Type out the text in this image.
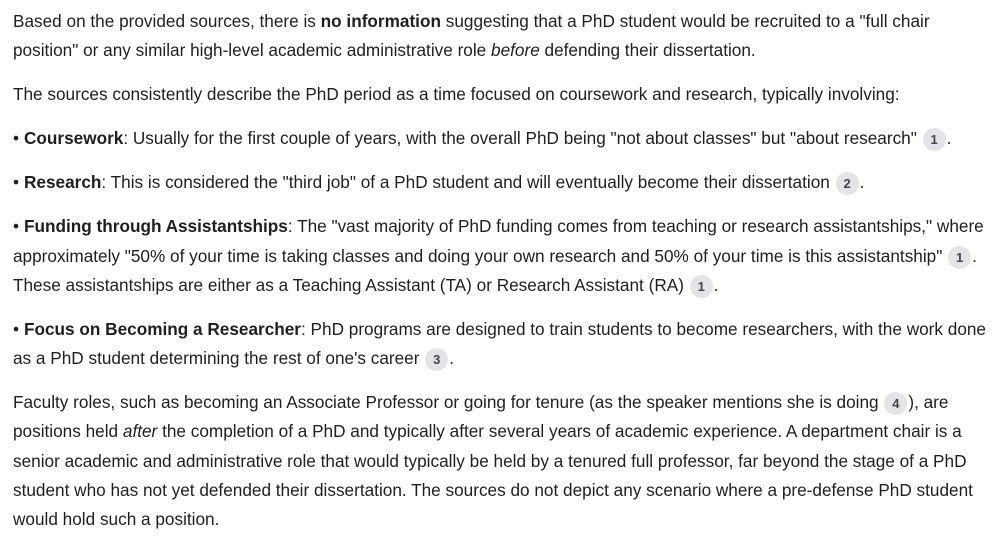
Based on the provided sources, there is no information suggesting that a PhD student would be recruited to a "full chair position" or any similar high-level academic administrative role before defending their dissertation.

The sources consistently describe the PhD period as a time focused on coursework and research, typically involving:

• Coursework: Usually for the first couple of years, with the overall PhD being "not about classes" but "about research" 1 .

• Research: This is considered the "third job" of a PhD student and will eventually become their dissertation 2 .

• Funding through Assistantships: The "vast majority of PhD funding comes from teaching or research assistantships," where approximately "50% of your time is taking classes and doing your own research and 50% of your time is this assistantship" 1 . These assistantships are either as a Teaching Assistant (TA) or Research Assistant (RA) 1 .

• Focus on Becoming a Researcher: PhD programs are designed to train students to become researchers, with the work done as a PhD student determining the rest of one's career 3 .

Faculty roles, such as becoming an Associate Professor or going for tenure (as the speaker mentions she is doing 4 ), are positions held after the completion of a PhD and typically after several years of academic experience. A department chair is a senior academic and administrative role that would typically be held by a tenured full professor, far beyond the stage of a PhD student who has not yet defended their dissertation. The sources do not depict any scenario where a pre-defense PhD student would hold such a position.
